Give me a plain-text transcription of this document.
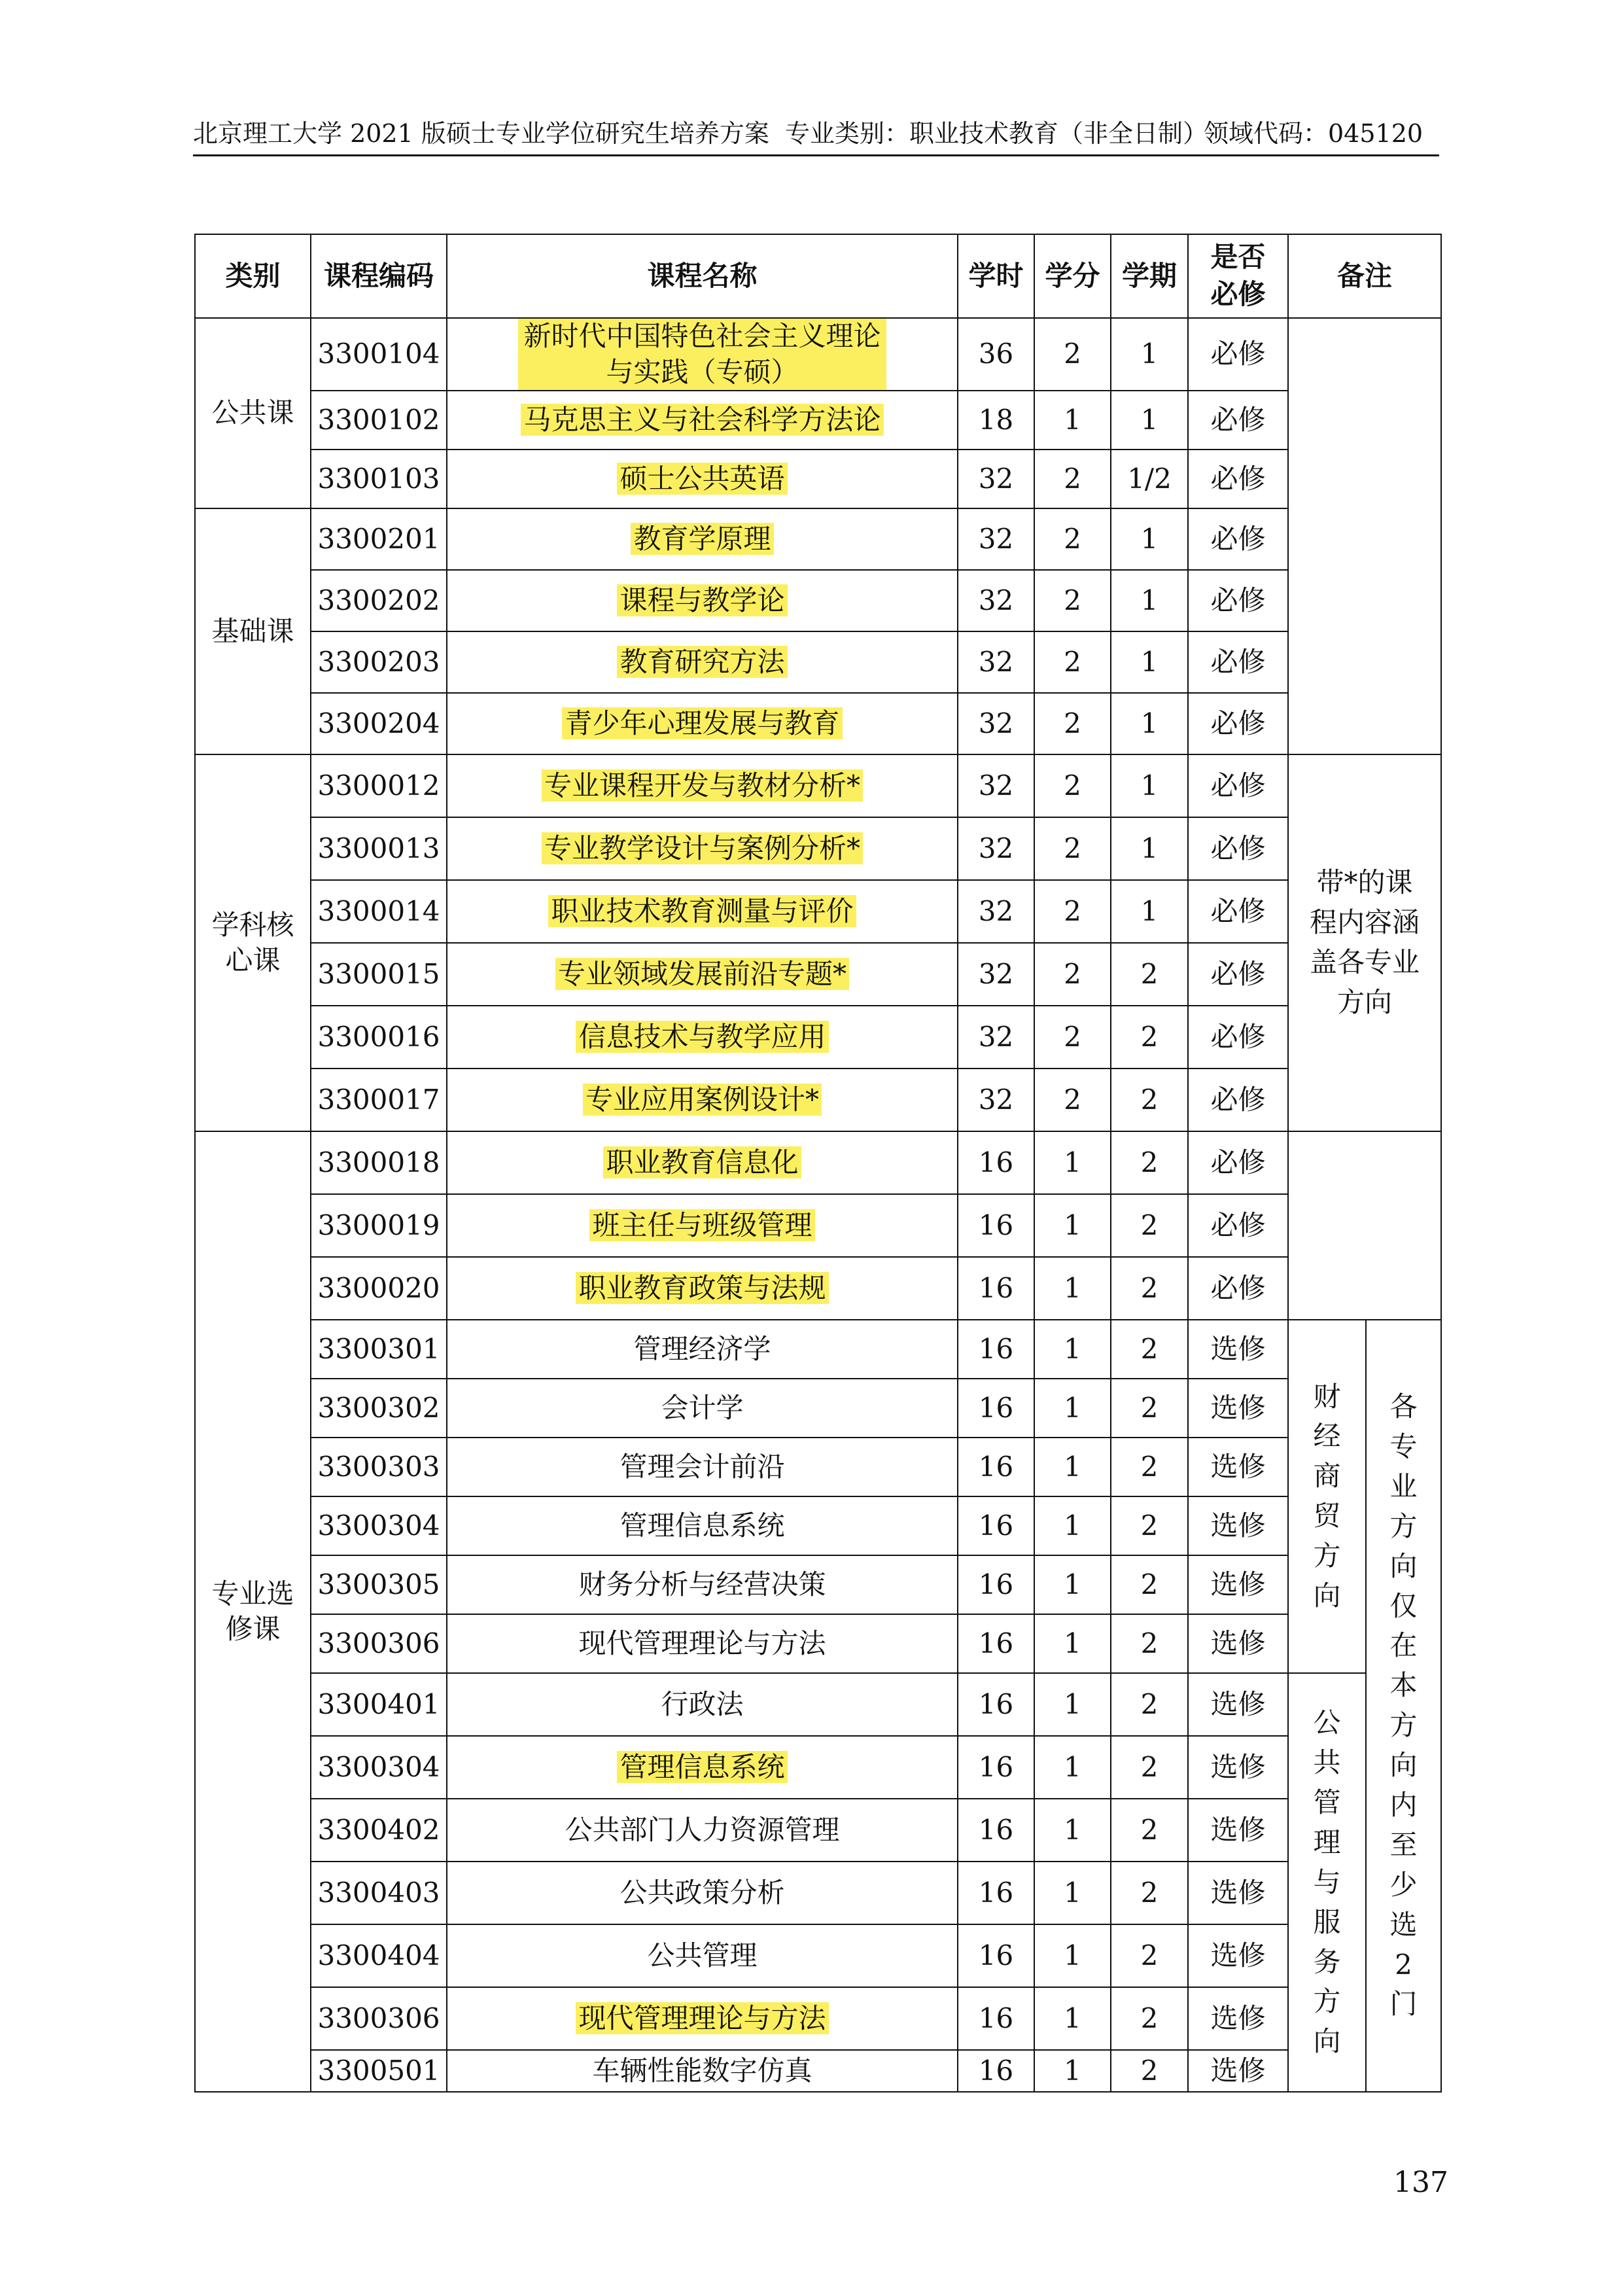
北京理工大学 2021 版硕士专业学位研究生培养方案 专业类别：职业技术教育（非全日制）
领域代码：045120
类别	课程编码	课程名称	学时	学分	学期	是否必修	备注	

公共课	3300104	新时代中国特色社会主义理论与实践（专硕）	36	2	1	必修		
	3300102	马克思主义与社会科学方法论	18	1	1	必修		
	3300103	硕士公共英语	32	2	1/2	必修		

基础课	3300201	教育学原理	32	2	1	必修		
	3300202	课程与教学论	32	2	1	必修		
	3300203	教育研究方法	32	2	1	必修		
	3300204	青少年心理发展与教育	32	2	1	必修		

学科核心课	3300012	专业课程开发与教材分析*	32	2	1	必修	带*的课程内容涵盖各专业方向	

	3300013	专业教学设计与案例分析*	32	2	1	必修		
	3300014	职业技术教育测量与评价	32	2	1	必修		
	3300015	专业领域发展前沿专题*	32	2	2	必修		
	3300016	信息技术与教学应用	32	2	2	必修		
	3300017	专业应用案例设计*	32	2	2	必修		

专业选修课	3300018	职业教育信息化	16	1	2	必修		
	3300019	班主任与班级管理	16	1	2	必修		
	3300020	职业教育政策与法规	16	1	2	必修		
	3300301	管理经济学	16	1	2	选修	财经商贸方向	各专业方向仅在本方向内至少选2门

	3300302	会计学	16	1	2	选修		
	3300303	管理会计前沿	16	1	2	选修		
	3300304	管理信息系统	16	1	2	选修		
	3300305	财务分析与经营决策	16	1	2	选修		
	3300306	现代管理理论与方法	16	1	2	选修		
	3300401	行政法	16	1	2	选修	公共管理与服务方向	

	3300304	管理信息系统	16	1	2	选修		
	3300402	公共部门人力资源管理	16	1	2	选修		
	3300403	公共政策分析	16	1	2	选修		
	3300404	公共管理	16	1	2	选修		
	3300306	现代管理理论与方法	16	1	2	选修		
	3300501	车辆性能数字仿真	16	1	2	选修		
137
